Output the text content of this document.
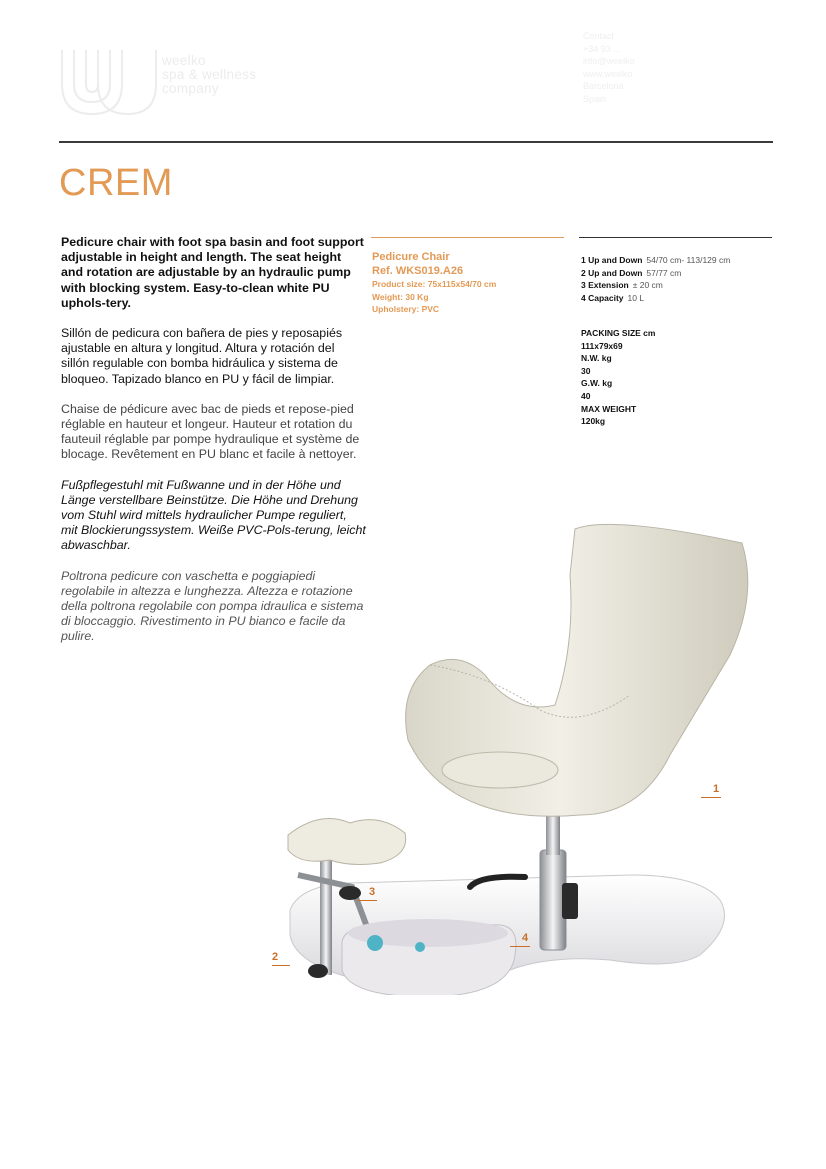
weelko
spa & wellness
company
Contact
+34 93 ...
info@weelko
www.weelko
Barcelona
Spain
CREM

Pedicure chair with foot spa basin and foot support adjustable in height and length. The seat height and rotation are adjustable by an hydraulic pump with blocking system. Easy-to-clean white PU uphols-tery.

Sillón de pedicura con bañera de pies y reposapiés ajustable en altura y longitud. Altura y rotación del sillón regulable con bomba hidráulica y sistema de bloqueo. Tapizado blanco en PU y fácil de limpiar.

Chaise de pédicure avec bac de pieds et repose-pied réglable en hauteur et longeur. Hauteur et rotation du fauteuil réglable par pompe hydraulique et système de blocage. Revêtement en PU blanc et facile à nettoyer.

Fußpflegestuhl mit Fußwanne und in der Höhe und Länge verstellbare Beinstütze. Die Höhe und Drehung vom Stuhl wird mittels hydraulicher Pumpe reguliert, mit Blockierungssystem. Weiße PVC-Pols-terung, leicht abwaschbar.

Poltrona pedicure con vaschetta e poggiapiedi regolabile in altezza e lunghezza. Altezza e rotazione della poltrona regolabile con pompa idraulica e sistema di bloccaggio. Rivestimento in PU bianco e facile da pulire.

Pedicure Chair
Ref. WKS019.A26
Product size: 75x115x54/70 cm
Weight: 30 Kg
Upholstery: PVC
1 Up and Down 54/70 cm- 113/129 cm
2 Up and Down 57/77 cm
3 Extension ± 20 cm
4 Capacity 10 L
PACKING SIZE cm
111x79x69
N.W. kg
30
G.W. kg
40
MAX WEIGHT
120kg
1
2
3
4
